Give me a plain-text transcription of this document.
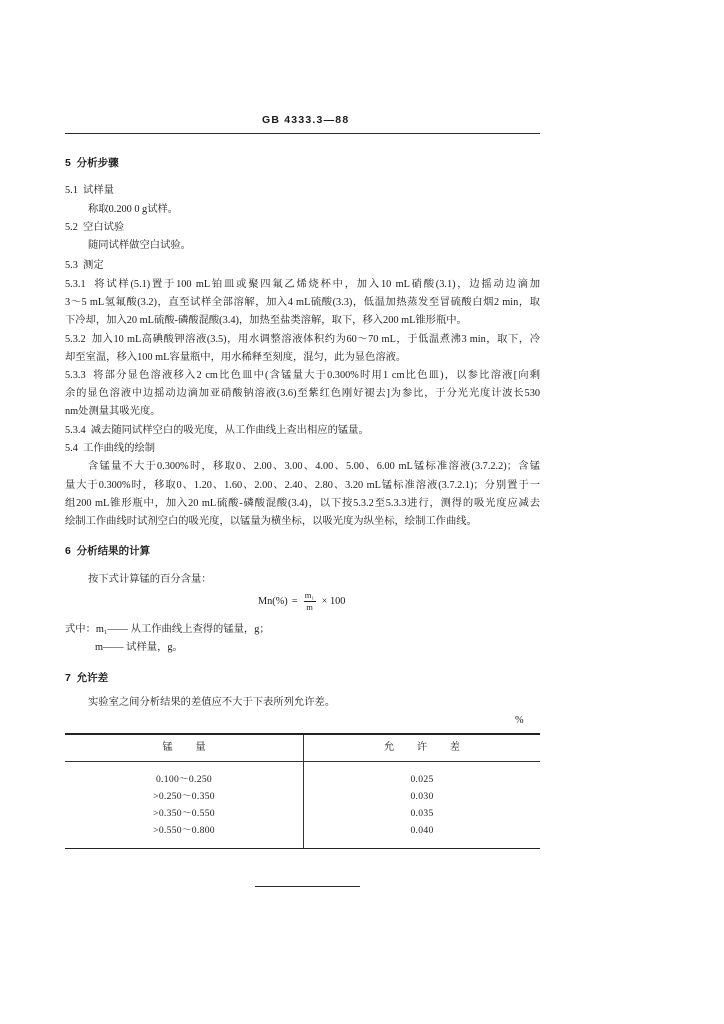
GB 4333.3—88
5  分析步骤
5.1  试样量
称取0.200 0 g试样。
5.2  空白试验
随同试样做空白试验。
5.3  测定
5.3.1  将试样(5.1)置于100 mL铂皿或聚四氟乙烯烧杯中，加入10 mL硝酸(3.1)，边摇动边滴加
3～5 mL氢氟酸(3.2)，直至试样全部溶解，加入4 mL硫酸(3.3)，低温加热蒸发至冒硫酸白烟2 min，取
下冷却，加入20 mL硫酸-磷酸混酸(3.4)，加热至盐类溶解，取下，移入200 mL锥形瓶中。
5.3.2  加入10 mL高碘酸钾溶液(3.5)，用水调整溶液体积约为60～70 mL，于低温煮沸3 min，取下，冷
却至室温，移入100 mL容量瓶中，用水稀释至刻度，混匀，此为显色溶液。
5.3.3  将部分显色溶液移入2 cm比色皿中(含锰量大于0.300%时用1 cm比色皿)，以参比溶液[向剩
余的显色溶液中边摇动边滴加亚硝酸钠溶液(3.6)至紫红色刚好褪去]为参比，于分光光度计波长530
nm处测量其吸光度。
5.3.4  减去随同试样空白的吸光度，从工作曲线上查出相应的锰量。
5.4  工作曲线的绘制
含锰量不大于0.300%时，移取0、2.00、3.00、4.00、5.00、6.00 mL锰标准溶液(3.7.2.2)；含锰
量大于0.300%时，移取0、1.20、1.60、2.00、2.40、2.80、3.20 mL锰标准溶液(3.7.2.1)；分别置于一
组200 mL锥形瓶中，加入20 mL硫酸-磷酸混酸(3.4)，以下按5.3.2至5.3.3进行，测得的吸光度应减去
绘制工作曲线时试剂空白的吸光度，以锰量为横坐标，以吸光度为纵坐标，绘制工作曲线。
6  分析结果的计算
按下式计算锰的百分含量：
$Mn(\%) = \frac{\text{m₁}}{m} \times 100$
式中：m₁—— 从工作曲线上查得的锰量，g；
m—— 试样量，g。
7  允许差
实验室之间分析结果的差值应不大于下表所列允许差。
%
锰量	允许差
0.100～0.250	0.025
>0.250～0.350	0.030
>0.350～0.550	0.035
>0.550～0.800	0.040
